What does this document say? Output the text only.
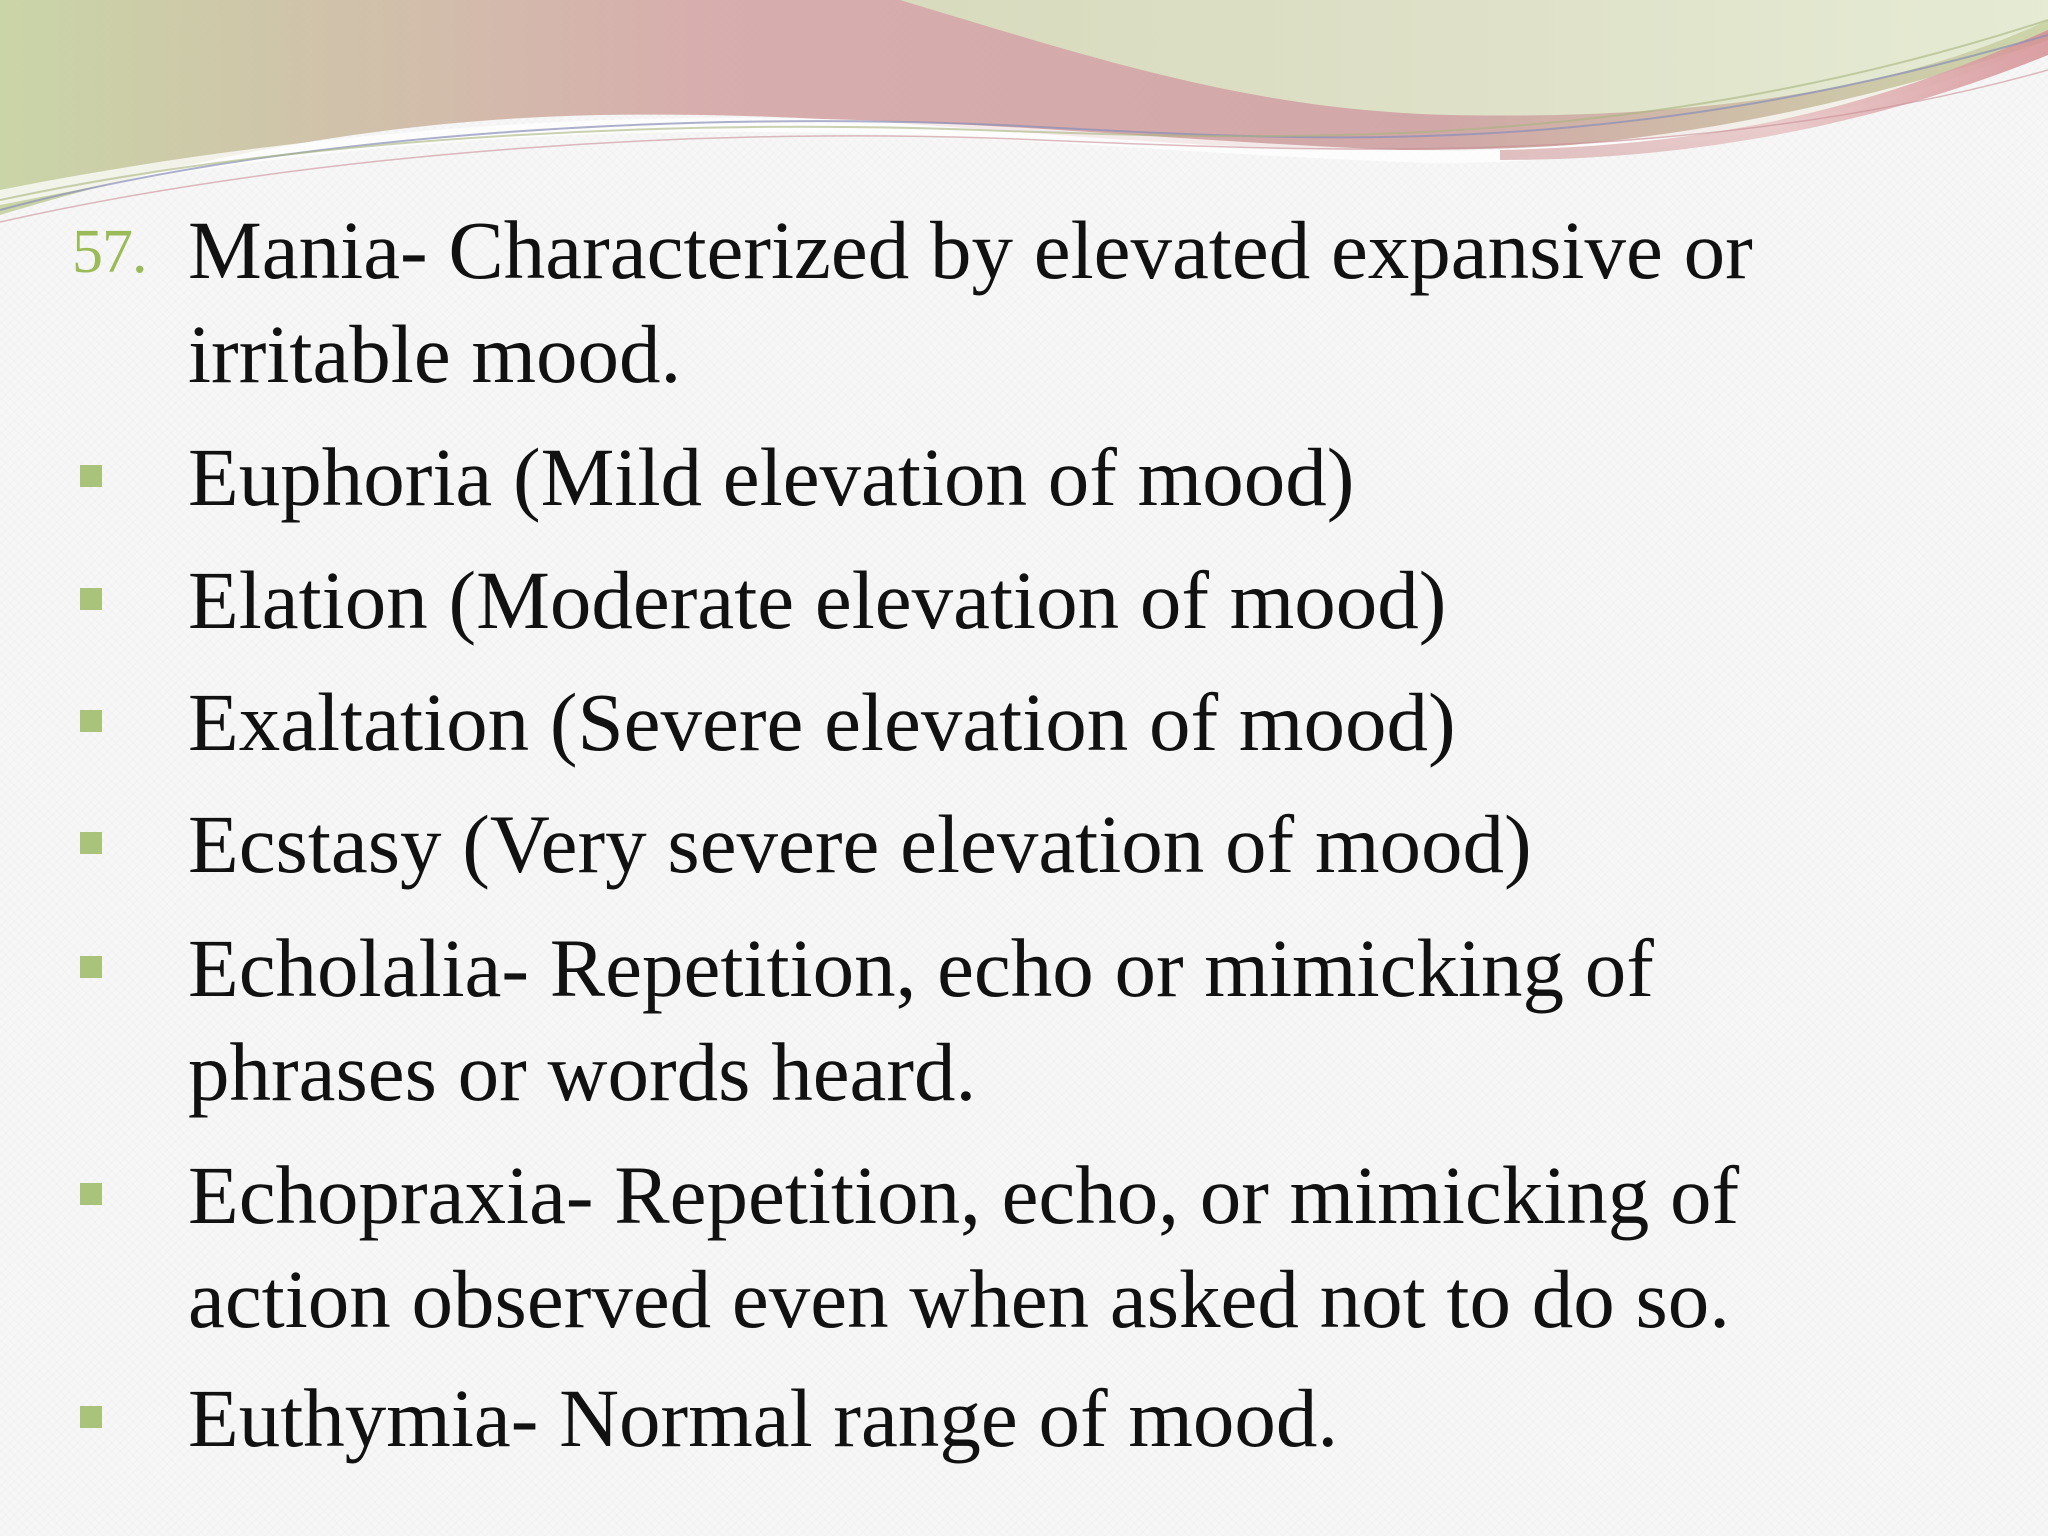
57. Mania- Characterized by elevated expansive or
irritable mood.
Euphoria (Mild elevation of mood)
Elation (Moderate elevation of mood)
Exaltation (Severe elevation of mood)
Ecstasy (Very severe elevation of mood)
Echolalia- Repetition, echo or mimicking of
phrases or words heard.
Echopraxia- Repetition, echo, or mimicking of
action observed even when asked not to do so.
Euthymia- Normal range of mood.
